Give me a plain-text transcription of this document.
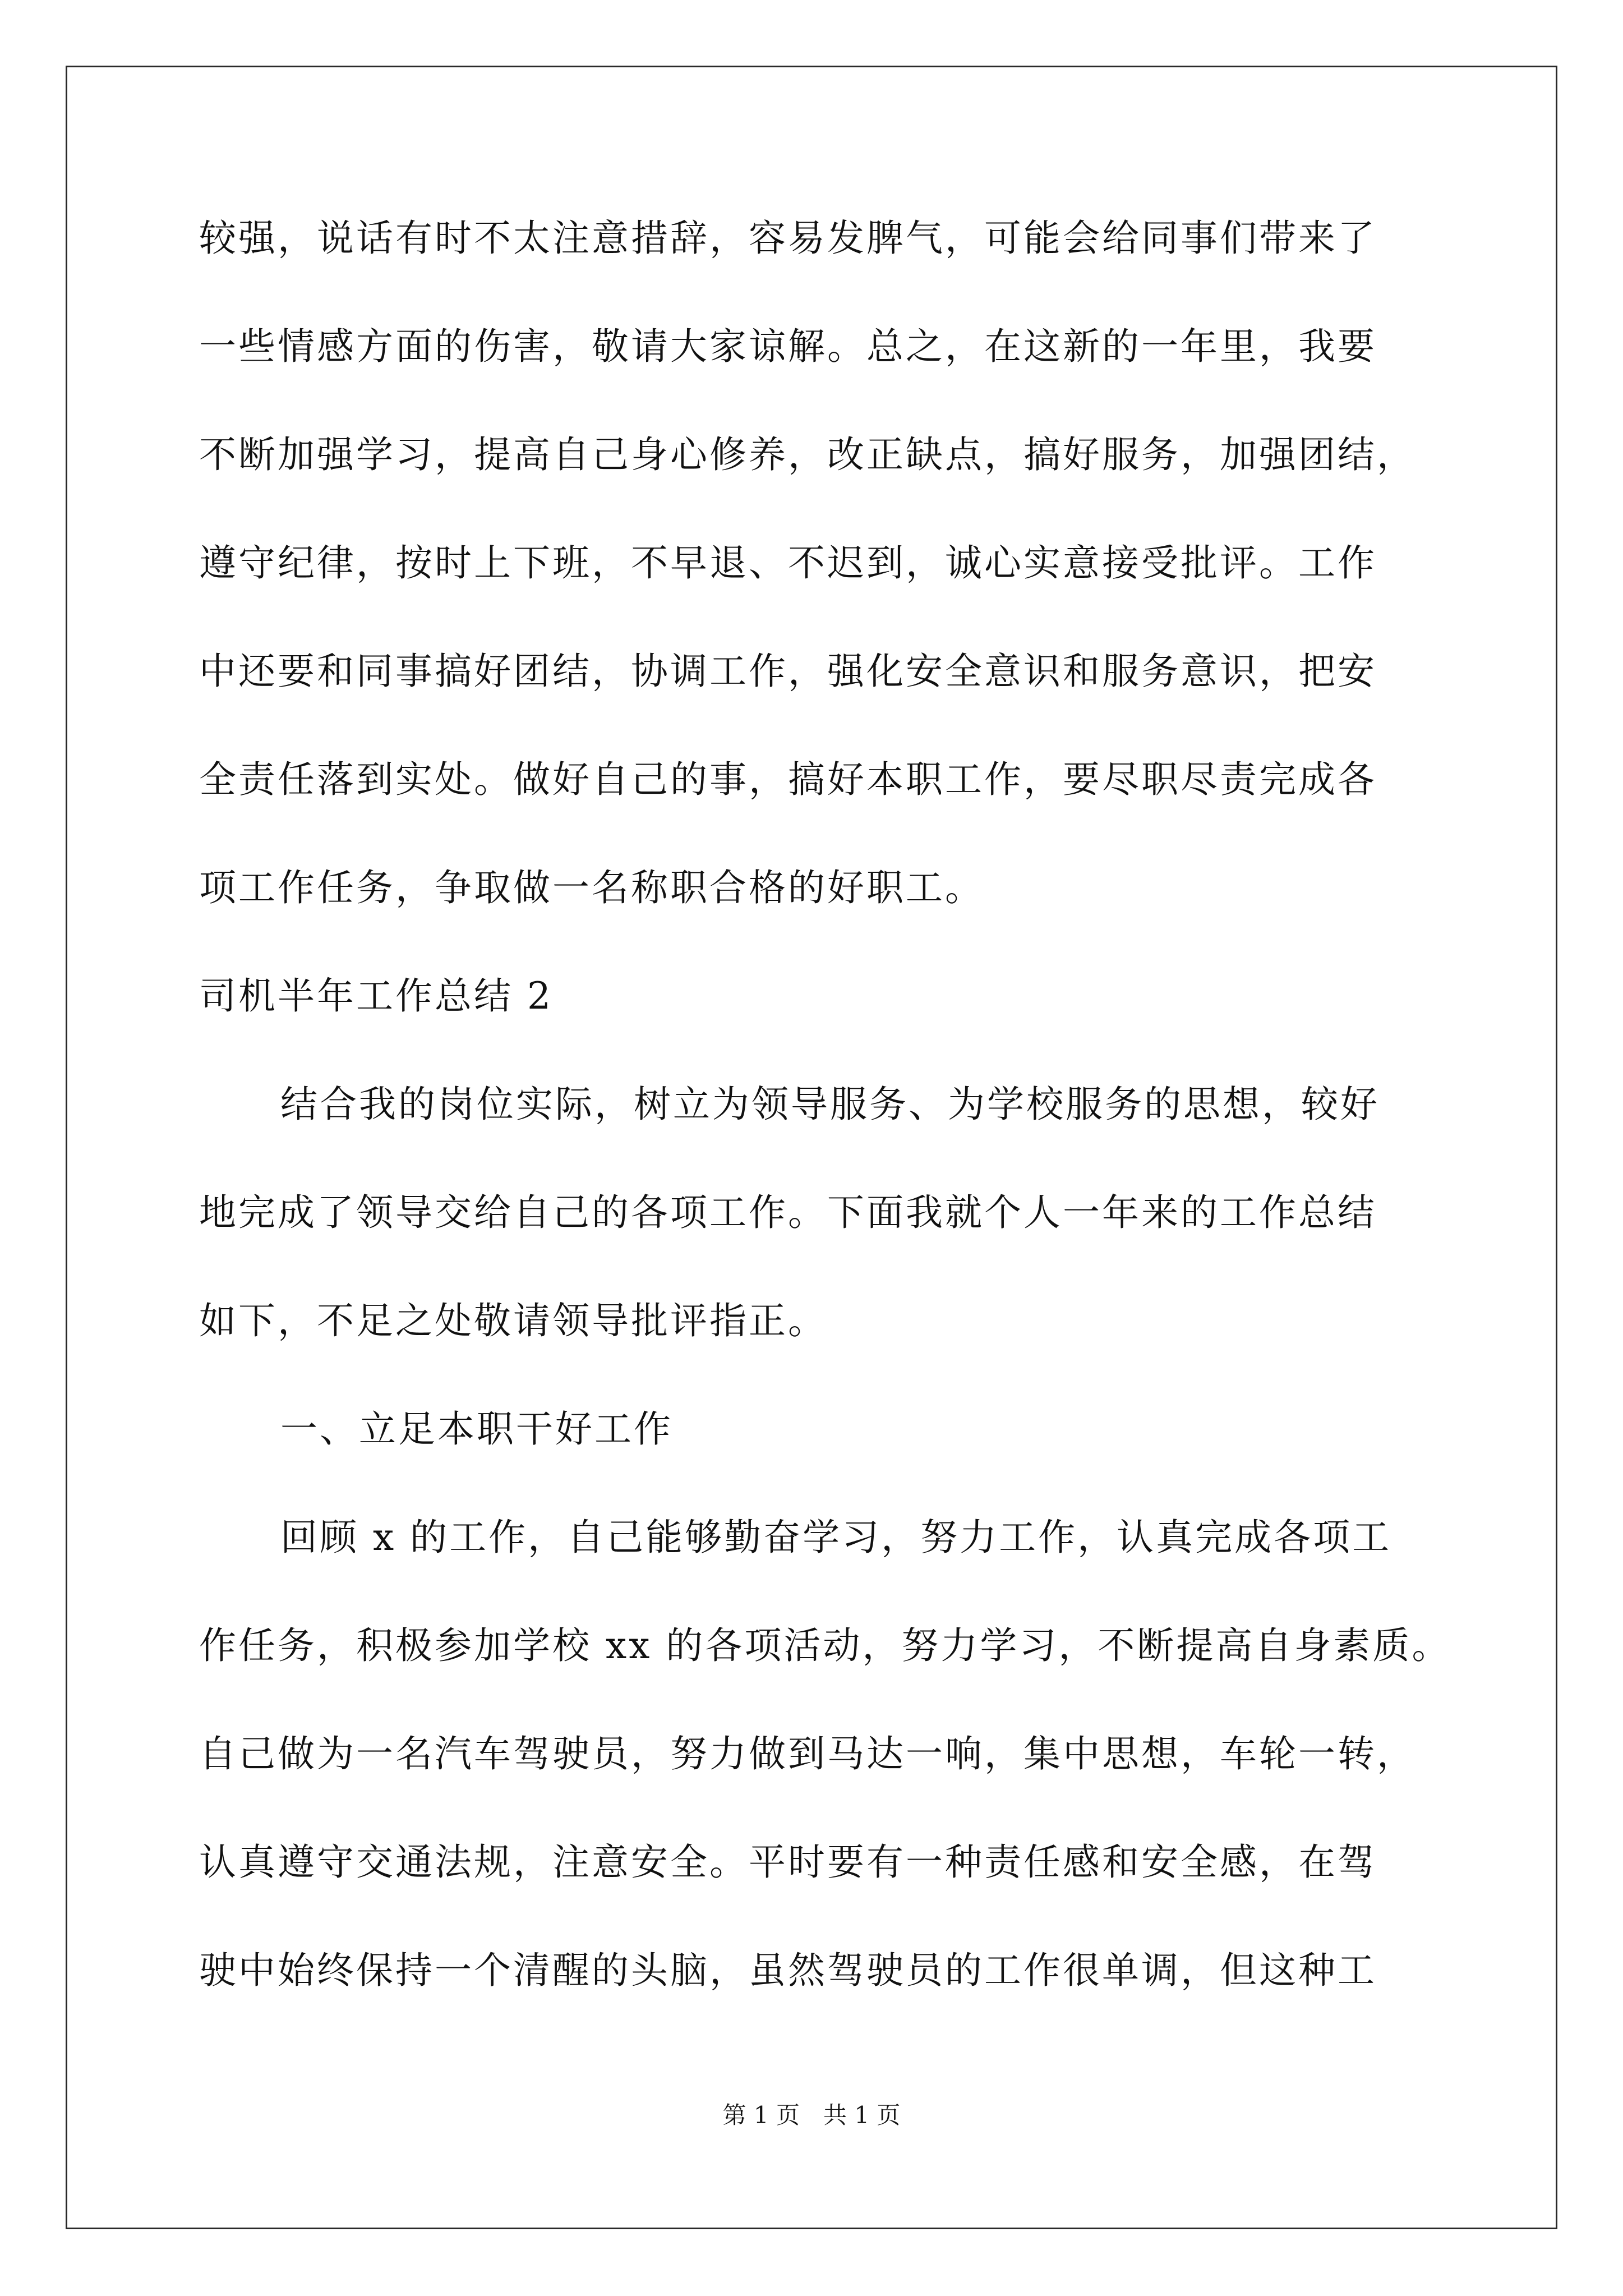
较强，说话有时不太注意措辞，容易发脾气，可能会给同事们带来了
一些情感方面的伤害，敬请大家谅解。总之，在这新的一年里，我要
不断加强学习，提高自己身心修养，改正缺点，搞好服务，加强团结，
遵守纪律，按时上下班，不早退、不迟到，诚心实意接受批评。工作
中还要和同事搞好团结，协调工作，强化安全意识和服务意识，把安
全责任落到实处。做好自己的事，搞好本职工作，要尽职尽责完成各
项工作任务，争取做一名称职合格的好职工。
司机半年工作总结 2
结合我的岗位实际，树立为领导服务、为学校服务的思想，较好
地完成了领导交给自己的各项工作。下面我就个人一年来的工作总结
如下，不足之处敬请领导批评指正。
一、立足本职干好工作
回顾 x 的工作，自己能够勤奋学习，努力工作，认真完成各项工
作任务，积极参加学校 xx 的各项活动，努力学习，不断提高自身素质。
自己做为一名汽车驾驶员，努力做到马达一响，集中思想，车轮一转，
认真遵守交通法规，注意安全。平时要有一种责任感和安全感，在驾
驶中始终保持一个清醒的头脑，虽然驾驶员的工作很单调，但这种工
第 1 页　共 1 页
